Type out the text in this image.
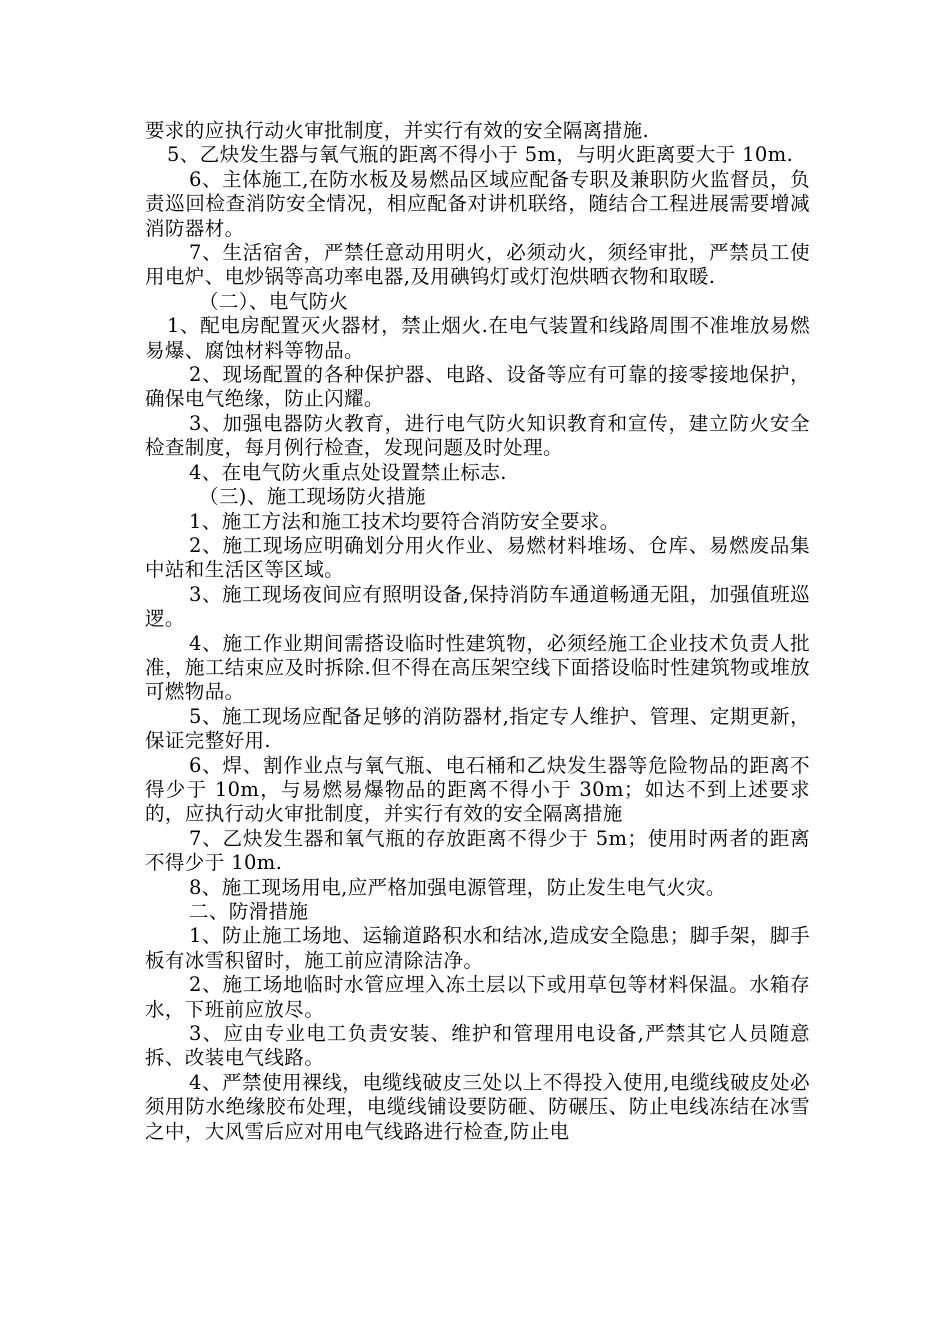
要求的应执行动火审批制度，并实行有效的安全隔离措施.

5、乙炔发生器与氧气瓶的距离不得小于 5m，与明火距离要大于 10m.

6、主体施工,在防水板及易燃品区域应配备专职及兼职防火监督员，负责巡回检查消防安全情况，相应配备对讲机联络，随结合工程进展需要增减消防器材。

7、生活宿舍，严禁任意动用明火，必须动火，须经审批，严禁员工使用电炉、电炒锅等高功率电器,及用碘钨灯或灯泡烘晒衣物和取暖.

（二）、电气防火

1、配电房配置灭火器材，禁止烟火.在电气装置和线路周围不准堆放易燃易爆、腐蚀材料等物品。

2、现场配置的各种保护器、电路、设备等应有可靠的接零接地保护，确保电气绝缘，防止闪耀。

3、加强电器防火教育，进行电气防火知识教育和宣传，建立防火安全检查制度，每月例行检查，发现问题及时处理。

4、在电气防火重点处设置禁止标志.

（三)、施工现场防火措施

1、施工方法和施工技术均要符合消防安全要求。

2、施工现场应明确划分用火作业、易燃材料堆场、仓库、易燃废品集中站和生活区等区域。

3、施工现场夜间应有照明设备,保持消防车通道畅通无阻，加强值班巡逻。

4、施工作业期间需搭设临时性建筑物，必须经施工企业技术负责人批准，施工结束应及时拆除.但不得在高压架空线下面搭设临时性建筑物或堆放可燃物品。

5、施工现场应配备足够的消防器材,指定专人维护、管理、定期更新，保证完整好用.

6、焊、割作业点与氧气瓶、电石桶和乙炔发生器等危险物品的距离不得少于 10m，与易燃易爆物品的距离不得小于 30m；如达不到上述要求的，应执行动火审批制度，并实行有效的安全隔离措施

7、乙炔发生器和氧气瓶的存放距离不得少于 5m；使用时两者的距离不得少于 10m.

8、施工现场用电,应严格加强电源管理，防止发生电气火灾。

二、防滑措施

1、防止施工场地、运输道路积水和结冰,造成安全隐患；脚手架，脚手板有冰雪积留时，施工前应清除洁净。

2、施工场地临时水管应埋入冻土层以下或用草包等材料保温。水箱存水，下班前应放尽。

3、应由专业电工负责安装、维护和管理用电设备,严禁其它人员随意拆、改装电气线路。

4、严禁使用裸线，电缆线破皮三处以上不得投入使用,电缆线破皮处必须用防水绝缘胶布处理，电缆线铺设要防砸、防碾压、防止电线冻结在冰雪之中，大风雪后应对用电气线路进行检查,防止电
